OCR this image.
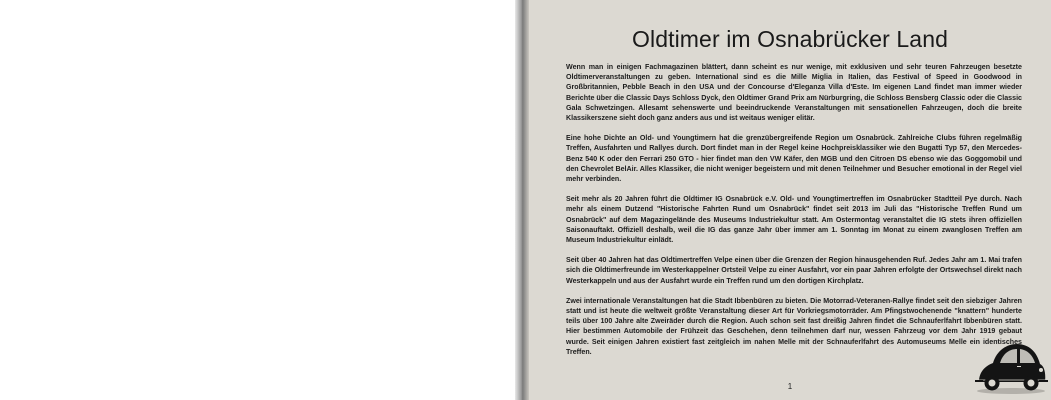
Oldtimer im Osnabrücker Land

Wenn man in einigen Fachmagazinen blättert, dann scheint es nur wenige, mit exklusiven und sehr teuren Fahrzeugen besetzte Oldtimerveranstaltungen zu geben. International sind es die Mille Miglia in Italien, das Festival of Speed in Goodwood in Großbritannien, Pebble Beach in den USA und der Concourse d'Eleganza Villa d'Este. Im eigenen Land findet man immer wieder Berichte über die Classic Days Schloss Dyck, den Oldtimer Grand Prix am Nürburgring, die Schloss Bensberg Classic oder die Classic Gala Schwetzingen. Allesamt sehenswerte und beeindruckende Veranstaltungen mit sensationellen Fahrzeugen, doch die breite Klassikerszene sieht doch ganz anders aus und ist weitaus weniger elitär.

Eine hohe Dichte an Old- und Youngtimern hat die grenzübergreifende Region um Osnabrück. Zahlreiche Clubs führen regelmäßig Treffen, Ausfahrten und Rallyes durch. Dort findet man in der Regel keine Hochpreisklassiker wie den Bugatti Typ 57, den Mercedes-Benz 540 K oder den Ferrari 250 GTO - hier findet man den VW Käfer, den MGB und den Citroen DS ebenso wie das Goggomobil und den Chevrolet BelAir. Alles Klassiker, die nicht weniger begeistern und mit denen Teilnehmer und Besucher emotional in der Regel viel mehr verbinden.

Seit mehr als 20 Jahren führt die Oldtimer IG Osnabrück e.V. Old- und Youngtimertreffen im Osnabrücker Stadtteil Pye durch. Nach mehr als einem Dutzend "Historische Fahrten Rund um Osnabrück" findet seit 2013 im Juli das "Historische Treffen Rund um Osnabrück" auf dem Magazingelände des Museums Industriekultur statt. Am Ostermontag veranstaltet die IG stets ihren offiziellen Saisonauftakt. Offiziell deshalb, weil die IG das ganze Jahr über immer am 1. Sonntag im Monat zu einem zwanglosen Treffen am Museum Industriekultur einlädt.

Seit über 40 Jahren hat das Oldtimertreffen Velpe einen über die Grenzen der Region hinausgehenden Ruf. Jedes Jahr am 1. Mai trafen sich die Oldtimerfreunde im Westerkappelner Ortsteil Velpe zu einer Ausfahrt, vor ein paar Jahren erfolgte der Ortswechsel direkt nach Westerkappeln und aus der Ausfahrt wurde ein Treffen rund um den dortigen Kirchplatz.

Zwei internationale Veranstaltungen hat die Stadt Ibbenbüren zu bieten. Die Motorrad-Veteranen-Rallye findet seit den siebziger Jahren statt und ist heute die weltweit größte Veranstaltung dieser Art für Vorkriegsmotorräder. Am Pfingstwochenende "knattern" hunderte teils über 100 Jahre alte Zweiräder durch die Region. Auch schon seit fast dreißig Jahren findet die Schnauferlfahrt Ibbenbüren statt. Hier bestimmen Automobile der Frühzeit das Geschehen, denn teilnehmen darf nur, wessen Fahrzeug vor dem Jahr 1919 gebaut wurde. Seit einigen Jahren existiert fast zeitgleich im nahen Melle mit der Schnauferlfahrt des Automuseums Melle ein identisches Treffen.

1
